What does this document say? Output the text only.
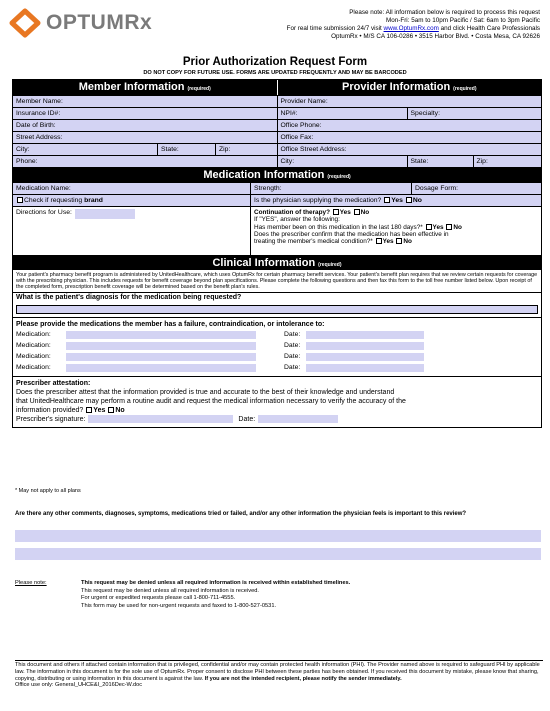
OPTUMRx	Please note: All information below is required to process this request
Mon-Fri: 5am to 10pm Pacific / Sat: 6am to 3pm Pacific
For real time submission 24/7 visit www.OptumRx.com and click Health Care Professionals
OptumRx • M/S CA 106-0286 • 3515 Harbor Blvd. • Costa Mesa, CA 92626
Prior Authorization Request Form
DO NOT COPY FOR FUTURE USE. FORMS ARE UPDATED FREQUENTLY AND MAY BE BARCODED
Member Information (required)	Provider Information (required)
Member Name:
Insurance ID#:
Date of Birth:
Street Address:
City:	State:	Zip:
Phone:
Provider Name:
NPI#:	Specialty:
Office Phone:
Office Fax:
Office Street Address:
City:	State:	Zip:
Medication Information (required)
Medication Name:	Strength:	Dosage Form:
Check if requesting brand	Is the physician supplying the medication? Yes No
Directions for Use:	Continuation of therapy? Yes No
If "YES", answer the following:
Has member been on this medication in the last 180 days?* Yes No
Does the prescriber confirm that the medication has been effective in
treating the member's medical condition?* Yes No
Clinical Information (required)
Your patient's pharmacy benefit program is administered by UnitedHealthcare, which uses OptumRx for certain pharmacy benefit services. Your patient's benefit plan requires that we review certain requests for coverage with the prescribing physician. This includes requests for benefit coverage beyond plan specifications. Please complete the following questions and then fax this form to the toll free number listed below. Upon receipt of the completed form, prescription benefit coverage will be determined based on the benefit plan's rules.
What is the patient's diagnosis for the medication being requested?
Please provide the medications the member has a failure, contraindication, or intolerance to:
Medication:	Date:
Medication:	Date:
Medication:	Date:
Medication:	Date:
Prescriber attestation:
Does the prescriber attest that the information provided is true and accurate to the best of their knowledge and understand
that UnitedHealthcare may perform a routine audit and request the medical information necessary to verify the accuracy of the
information provided? Yes No
Prescriber's signature:	Date:
* May not apply to all plans
Are there any other comments, diagnoses, symptoms, medications tried or failed, and/or any other information the physician feels is important to this review?
Please note:	This request may be denied unless all required information is received within established timelines.
This request may be denied unless all required information is received.
For urgent or expedited requests please call 1-800-711-4555.
This form may be used for non-urgent requests and faxed to 1-800-527-0531.
This document and others if attached contain information that is privileged, confidential and/or may contain protected health information (PHI). The Provider named above is required to safeguard PHI by applicable law. The information in this document is for the sole use of OptumRx. Proper consent to disclose PHI between these parties has been obtained. If you received this document by mistake, please know that sharing, copying, distributing or using information in this document is against the law. If you are not the intended recipient, please notify the sender immediately.
Office use only: General_UHCE&I_2016Dec-W.doc
